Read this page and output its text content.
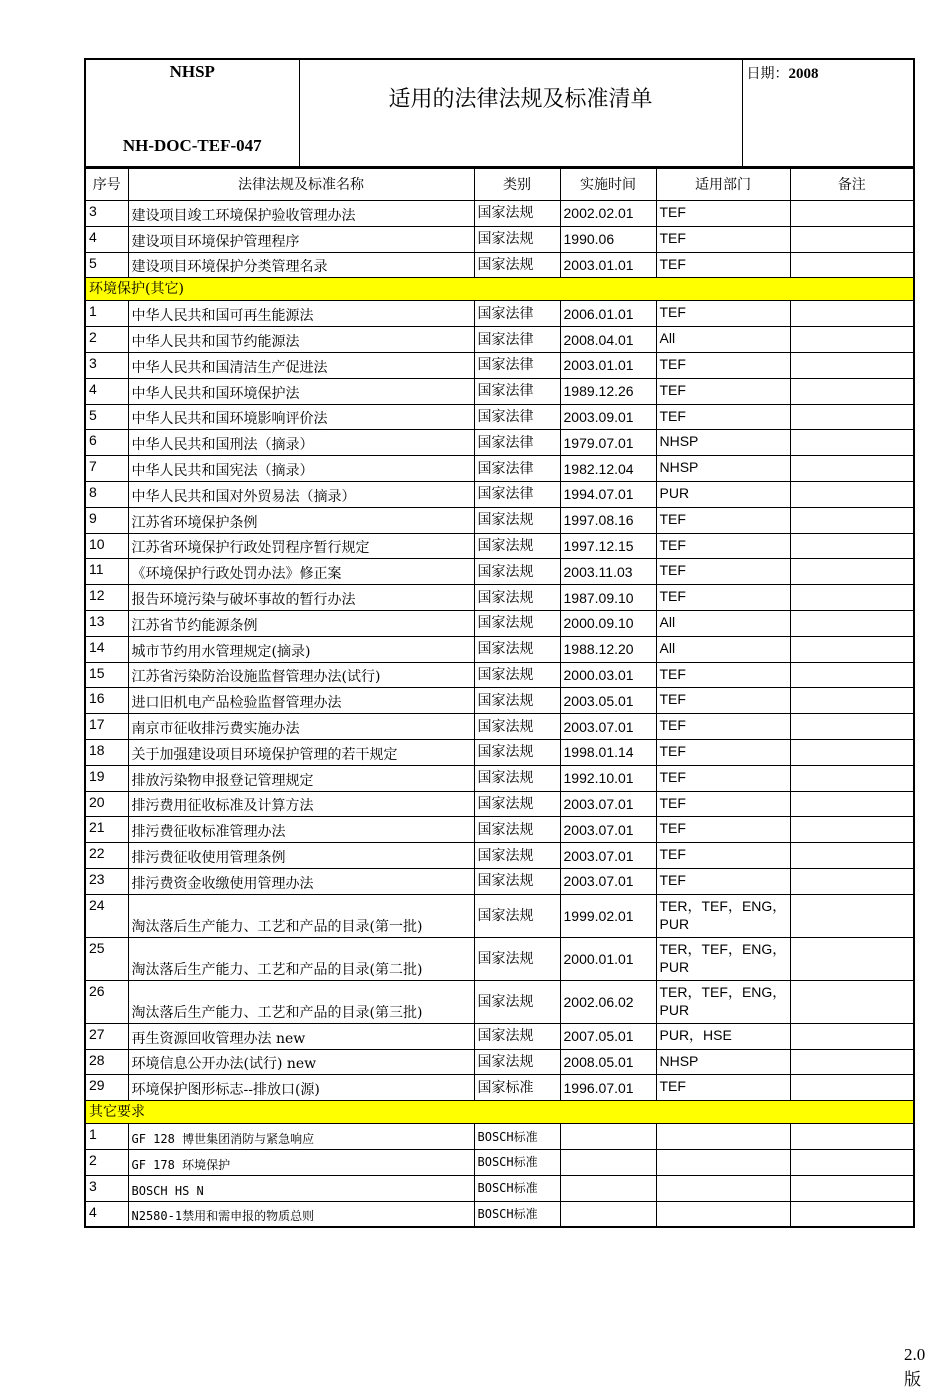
NHSP
NH-DOC-TEF-047

适用的法律法规及标准清单

日期：2008
序号	法律法规及标准名称	类别	实施时间	适用部门	备注
3	建设项目竣工环境保护验收管理办法	国家法规	2002.02.01	TEF	
4	建设项目环境保护管理程序	国家法规	1990.06	TEF	
5	建设项目环境保护分类管理名录	国家法规	2003.01.01	TEF	
环境保护(其它)					
1	中华人民共和国可再生能源法	国家法律	2006.01.01	TEF	
2	中华人民共和国节约能源法	国家法律	2008.04.01	All	
3	中华人民共和国清洁生产促进法	国家法律	2003.01.01	TEF	
4	中华人民共和国环境保护法	国家法律	1989.12.26	TEF	
5	中华人民共和国环境影响评价法	国家法律	2003.09.01	TEF	
6	中华人民共和国刑法（摘录）	国家法律	1979.07.01	NHSP	
7	中华人民共和国宪法（摘录）	国家法律	1982.12.04	NHSP	
8	中华人民共和国对外贸易法（摘录）	国家法律	1994.07.01	PUR	
9	江苏省环境保护条例	国家法规	1997.08.16	TEF	
10	江苏省环境保护行政处罚程序暂行规定	国家法规	1997.12.15	TEF	
11	《环境保护行政处罚办法》修正案	国家法规	2003.11.03	TEF	
12	报告环境污染与破坏事故的暂行办法	国家法规	1987.09.10	TEF	
13	江苏省节约能源条例	国家法规	2000.09.10	All	
14	城市节约用水管理规定(摘录)	国家法规	1988.12.20	All	
15	江苏省污染防治设施监督管理办法(试行)	国家法规	2000.03.01	TEF	
16	进口旧机电产品检验监督管理办法	国家法规	2003.05.01	TEF	
17	南京市征收排污费实施办法	国家法规	2003.07.01	TEF	
18	关于加强建设项目环境保护管理的若干规定	国家法规	1998.01.14	TEF	
19	排放污染物申报登记管理规定	国家法规	1992.10.01	TEF	
20	排污费用征收标准及计算方法	国家法规	2003.07.01	TEF	
21	排污费征收标准管理办法	国家法规	2003.07.01	TEF	
22	排污费征收使用管理条例	国家法规	2003.07.01	TEF	
23	排污费资金收缴使用管理办法	国家法规	2003.07.01	TEF	
24	淘汰落后生产能力、工艺和产品的目录(第一批)	国家法规	1999.02.01	TER，TEF，ENG，PUR	
25	淘汰落后生产能力、工艺和产品的目录(第二批)	国家法规	2000.01.01	TER，TEF，ENG，PUR	
26	淘汰落后生产能力、工艺和产品的目录(第三批)	国家法规	2002.06.02	TER，TEF，ENG，PUR	
27	再生资源回收管理办法 new	国家法规	2007.05.01	PUR，HSE	
28	环境信息公开办法(试行) new	国家法规	2008.05.01	NHSP	
29	环境保护图形标志--排放口(源)	国家标准	1996.07.01	TEF	
其它要求					
1	GF 128 博世集团消防与紧急响应	BOSCH标准			
2	GF 178 环境保护	BOSCH标准			
3	BOSCH HS N	BOSCH标准			
4	N2580-1禁用和需申报的物质总则	BOSCH标准			
2.0版
